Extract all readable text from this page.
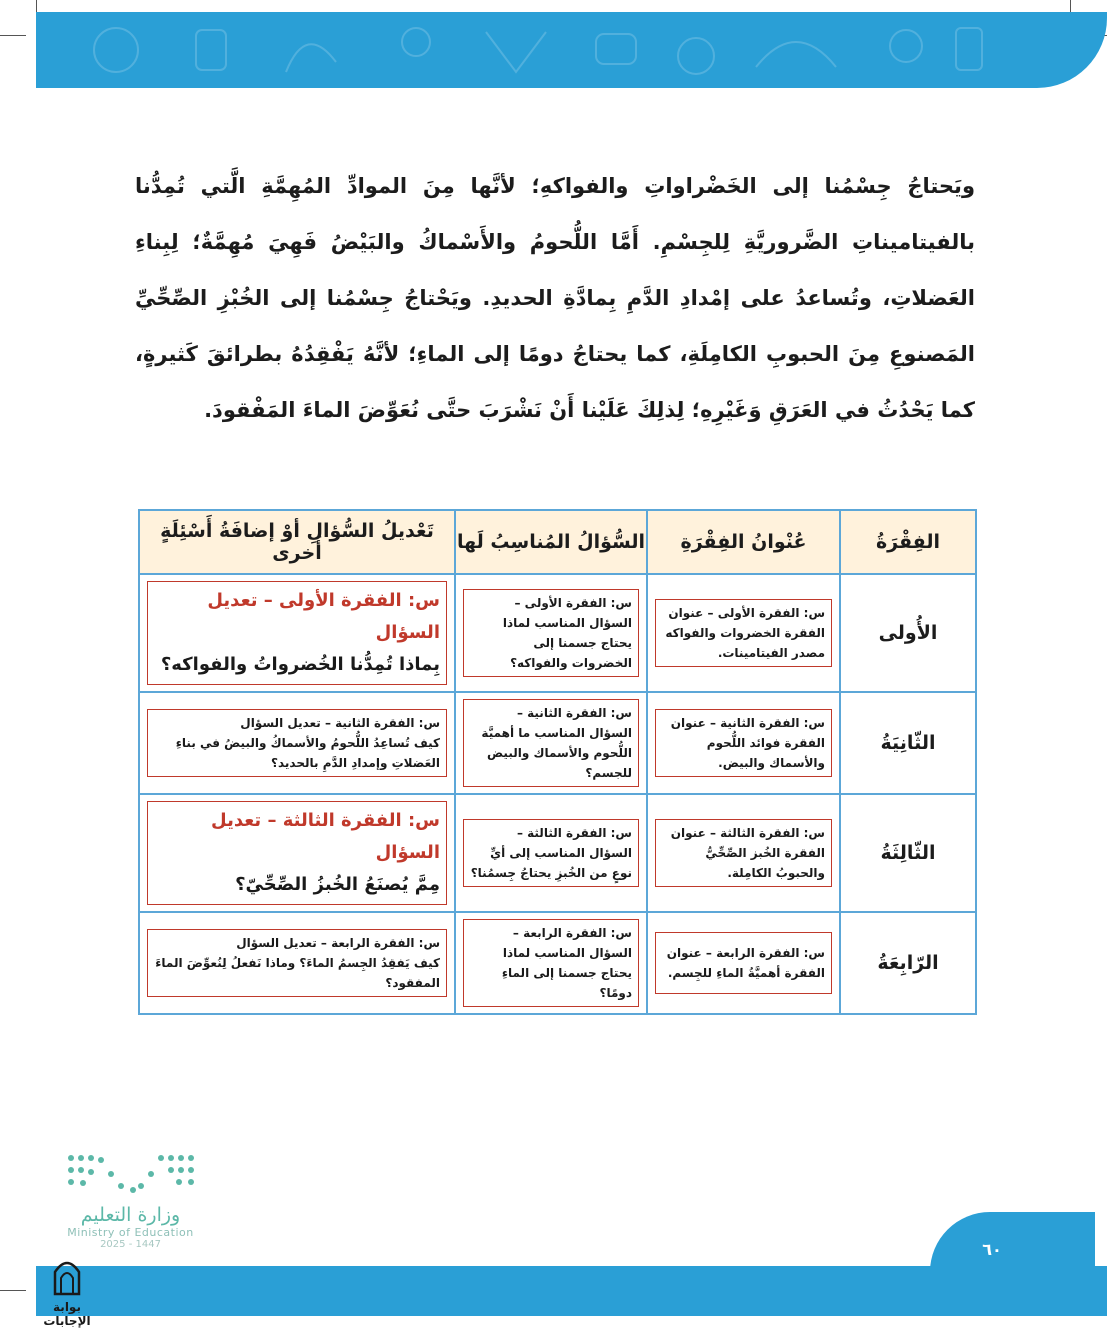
ويَحتاجُ جِسْمُنا إلى الخَضْراواتِ والفواكهِ؛ لأنَّها مِنَ الموادِّ المُهِمَّةِ الَّتي تُمِدُّنا بالفيتاميناتِ الضَّروريَّةِ لِلجِسْمِ. أَمَّا اللُّحومُ والأَسْماكُ والبَيْضُ فَهِيَ مُهِمَّةٌ؛ لِبِناءِ العَضلاتِ، وتُساعدُ على إمْدادِ الدَّمِ بِمادَّةِ الحديدِ. ويَحْتاجُ جِسْمُنا إلى الخُبْزِ الصِّحِّيِّ المَصنوعِ مِنَ الحبوبِ الكامِلَةِ، كما يحتاجُ دومًا إلى الماءِ؛ لأنَّهُ يَفْقِدُهُ بطرائقَ كَثيرةٍ، كما يَحْدُثُ في العَرَقِ وَغَيْرِهِ؛ لِذلِكَ عَلَيْنا أَنْ نَشْرَبَ حتَّى نُعَوِّضَ الماءَ المَفْقودَ.
الفِقْرَةُ	عُنْوانُ الفِقْرَةِ	السُّؤالُ المُناسِبُ لَها	تَعْديلُ السُّؤالِ أوْ إضافَةُ أَسْئِلَةٍ أُخرى
الأُولى	س: الفقرة الأولى – عنوان الفقرة الخضروات والفواكه مصدر الفيتامينات.	س: الفقرة الأولى – السؤال المناسب لماذا يحتاج جسمنا إلى الخضروات والفواكه؟	س: الفقرة الأولى – تعديل السؤال
بِماذا تُمِدُّنا الخُضرواتُ والفواكه؟

الثّانِيَةُ	س: الفقرة الثانية – عنوان الفقرة فوائد اللُّحوم والأسماك والبيض.	س: الفقرة الثانية – السؤال المناسب ما أهميَّة اللُّحوم والأسماك والبيض للجسم؟	س: الفقرة الثانية – تعديل السؤال
كيف تُساعِدُ اللُّحومُ والأسماكُ والبيضُ في بناءِ العَضلاتِ وإمدادِ الدَّمِ بالحديد؟

الثّالِثَةُ	س: الفقرة الثالثة – عنوان الفقرة الخُبز الصِّحِّيُّ والحبوبُ الكامِلة.	س: الفقرة الثالثة – السؤال المناسب إلى أيِّ نوعٍ من الخُبزِ يحتاجُ جِسمُنا؟	س: الفقرة الثالثة – تعديل السؤال
مِمَّ يُصنَعُ الخُبزُ الصِّحِّيّ؟

الرّابِعَةُ	س: الفقرة الرابعة – عنوان الفقرة أهميَّةُ الماءِ للجِسم.	س: الفقرة الرابعة – السؤال المناسب لماذا يحتاج جسمنا إلى الماءِ دومًا؟	س: الفقرة الرابعة – تعديل السؤال
كيف يَفقِدُ الجِسمُ الماءَ؟ وماذا نَفعلُ لِنُعوِّضَ الماءَ المفقود؟
وزارة التعليم
Ministry of Education
2025 - 1447	٦٠
بوابة الإجابات
